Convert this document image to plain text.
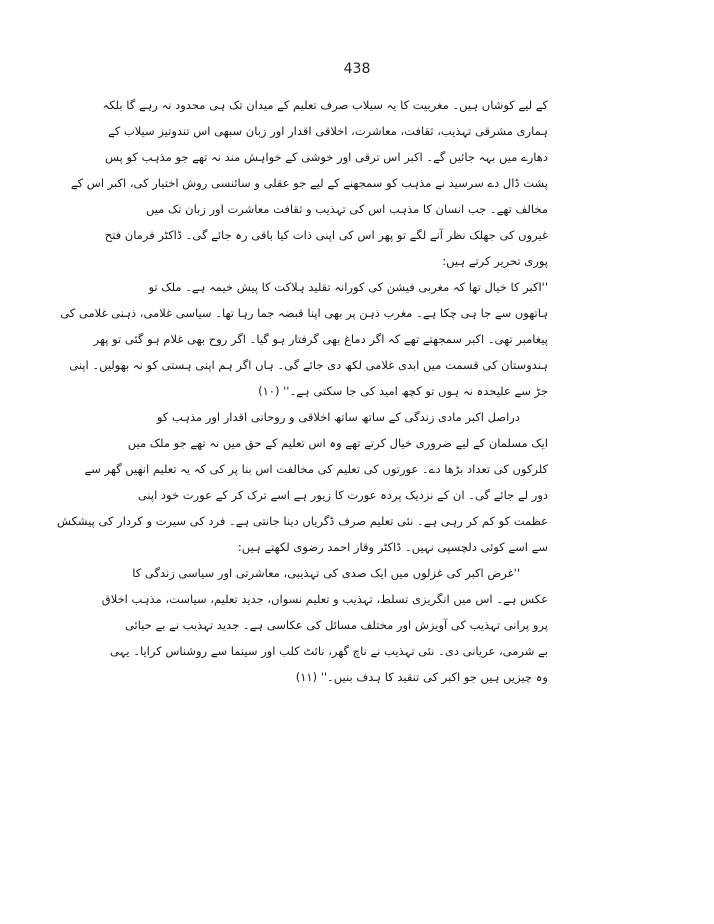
438
کے لیے کوشاں ہیں۔ مغربیت کا یہ سیلاب صرف تعلیم کے میدان تک ہی محدود نہ رہے گا بلکہ
ہماری مشرقی تہذیب، ثقافت، معاشرت، اخلاقی اقدار اور زبان سبھی اس تندوتیز سیلاب کے
دھارے میں بہہ جائیں گے۔ اکبر اس ترقی اور خوشی کے خواہش مند نہ تھے جو مذہب کو پس
پشت ڈال دے سرسید نے مذہب کو سمجھنے کے لیے جو عقلی و سائنسی روش اختیار کی، اکبر اس کے
مخالف تھے۔ جب انسان کا مذہب اس کی تہذیب و ثقافت معاشرت اور زبان تک میں
غیروں کی جھلک نظر آنے لگے تو پھر اس کی اپنی ذات کیا باقی رہ جائے گی۔ ڈاکٹر فرمان فتح
پوری تحریر کرتے ہیں:
''اکبر کا خیال تھا کہ مغربی فیشن کی کورانہ تقلید ہلاکت کا پیش خیمہ ہے۔ ملک تو
ہاتھوں سے جا ہی چکا ہے۔ مغرب ذہن پر بھی اپنا قبضہ جما رہا تھا۔ سیاسی غلامی، ذہنی غلامی کی
پیغامبر تھی۔ اکبر سمجھتے تھے کہ اگر دماغ بھی گرفتار ہو گیا۔ اگر روح بھی غلام ہو گئی تو پھر
ہندوستان کی قسمت میں ابدی غلامی لکھ دی جائے گی۔ ہاں اگر ہم اپنی ہستی کو نہ بھولیں۔ اپنی
جڑ سے علیحدہ نہ ہوں تو کچھ امید کی جا سکتی ہے۔'' (۱۰)
دراصل اکبر مادی زندگی کے ساتھ ساتھ اخلاقی و روحانی اقدار اور مذہب کو
ایک مسلمان کے لیے ضروری خیال کرتے تھے وہ اس تعلیم کے حق میں نہ تھے جو ملک میں
کلرکوں کی تعداد بڑھا دے۔ عورتوں کی تعلیم کی مخالفت اس بنا پر کی کہ یہ تعلیم انھیں گھر سے
دور لے جائے گی۔ ان کے نزدیک پردہ عورت کا زیور ہے اسے ترک کر کے عورت خود اپنی
عظمت کو کم کر رہی ہے۔ نئی تعلیم صرف ڈگریاں دینا جانتی ہے۔ فرد کی سیرت و کردار کی پیشکش
سے اسے کوئی دلچسپی نہیں۔ ڈاکٹر وقار احمد رضوی لکھتے ہیں:
''غرض اکبر کی غزلوں میں ایک صدی کی تہذیبی، معاشرتی اور سیاسی زندگی کا
عکس ہے۔ اس میں انگریزی تسلط، تہذیب و تعلیم نسواں، جدید تعلیم، سیاست، مذہب اخلاق
پرو پرانی تہذیب کی آویزش اور مختلف مسائل کی عکاسی ہے۔ جدید تہذیب نے بے حیائی
بے شرمی، عریانی دی۔ نئی تہذیب نے ناچ گھر، نائٹ کلب اور سینما سے روشناس کرایا۔ یہی
وہ چیزیں ہیں جو اکبر کی تنقید کا ہدف بنیں۔'' (۱۱)
